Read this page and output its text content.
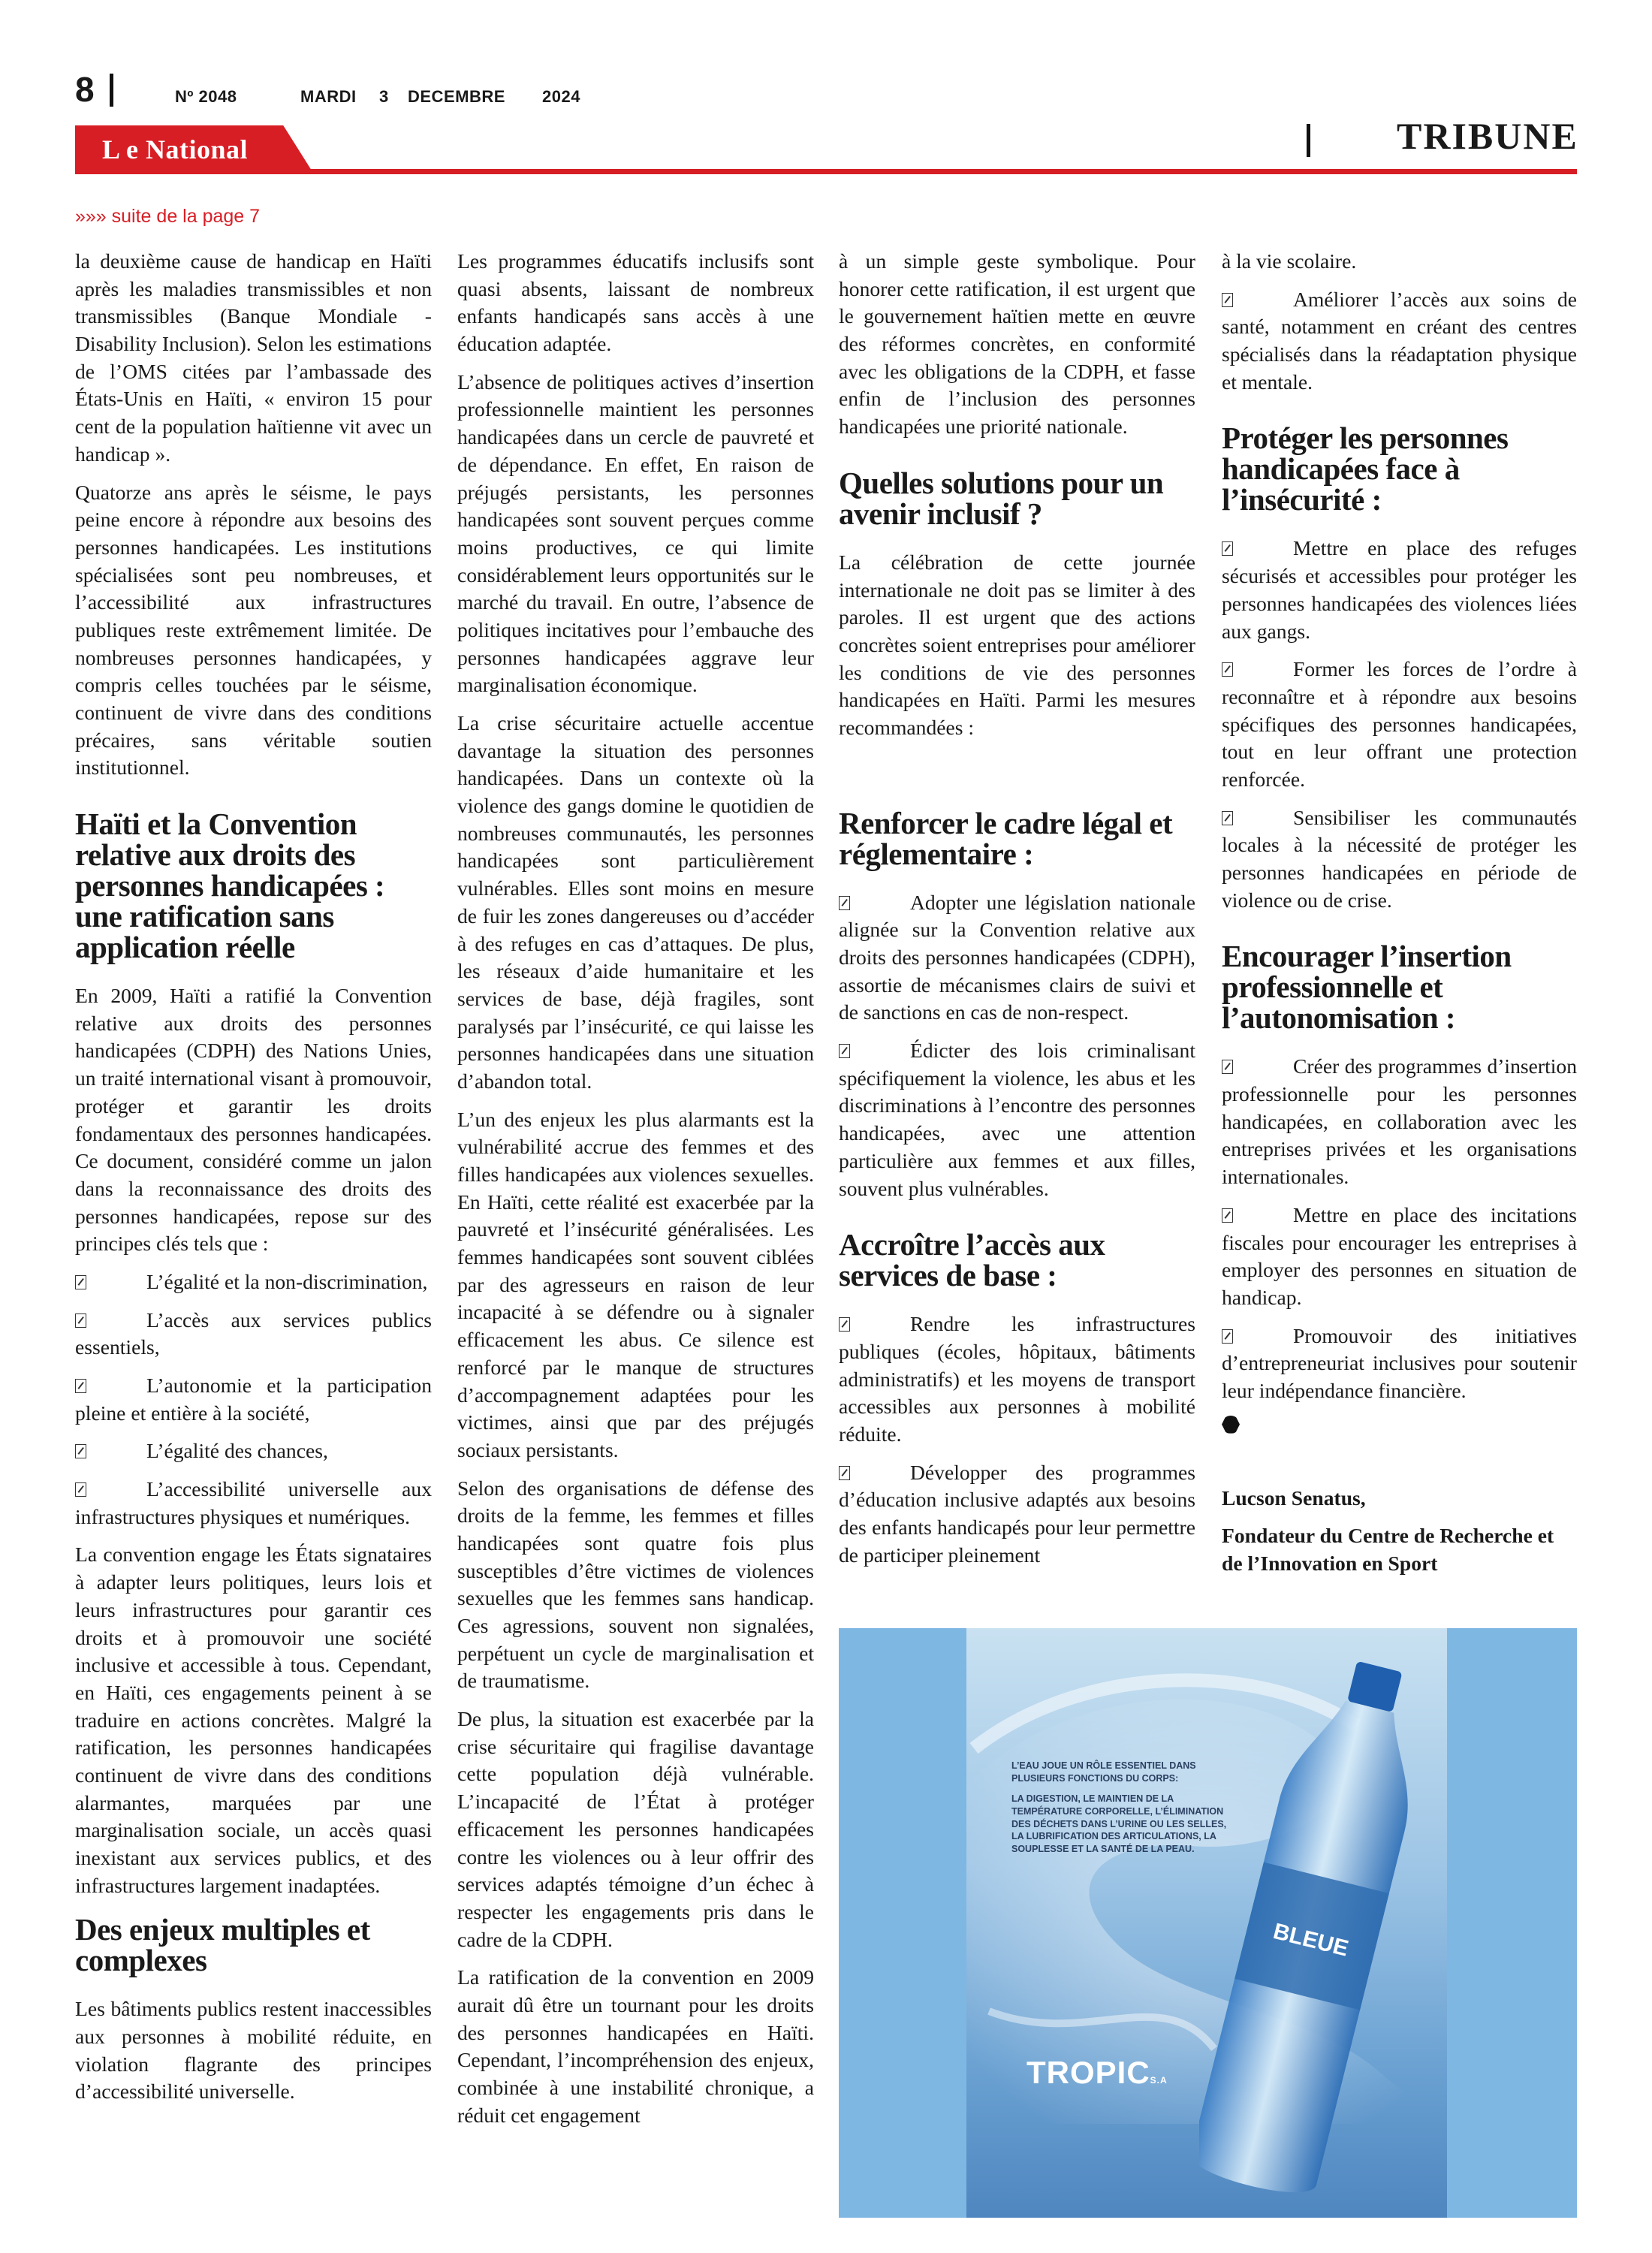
8	Nº 2048	MARDI 3 DECEMBRE 2024
L e National	TRIBUNE
»»» suite de la page 7

la deuxième cause de handicap en Haïti après les maladies transmissibles et non transmissibles (Banque Mondiale - Disability Inclusion). Selon les estimations de l’OMS citées par l’ambassade des États-Unis en Haïti, « environ 15 pour cent de la population haïtienne vit avec un handicap ».

Quatorze ans après le séisme, le pays peine encore à répondre aux besoins des personnes handicapées. Les institutions spécialisées sont peu nombreuses, et l’accessibilité aux infrastructures publiques reste extrêmement limitée. De nombreuses personnes handicapées, y compris celles touchées par le séisme, continuent de vivre dans des conditions précaires, sans véritable soutien institutionnel.

Haïti et la Convention relative aux droits des personnes handicapées : une ratification sans application réelle

En 2009, Haïti a ratifié la Convention relative aux droits des personnes handicapées (CDPH) des Nations Unies, un traité international visant à promouvoir, protéger et garantir les droits fondamentaux des personnes handicapées. Ce document, considéré comme un jalon dans la reconnaissance des droits des personnes handicapées, repose sur des principes clés tels que :

L’égalité et la non-discrimination,

L’accès aux services publics essentiels,

L’autonomie et la participation pleine et entière à la société,

L’égalité des chances,

L’accessibilité universelle aux infrastructures physiques et numériques.

La convention engage les États signataires à adapter leurs politiques, leurs lois et leurs infrastructures pour garantir ces droits et à promouvoir une société inclusive et accessible à tous. Cependant, en Haïti, ces engagements peinent à se traduire en actions concrètes. Malgré la ratification, les personnes handicapées continuent de vivre dans des conditions alarmantes, marquées par une marginalisation sociale, un accès quasi inexistant aux services publics, et des infrastructures largement inadaptées.

Des enjeux multiples et complexes

Les bâtiments publics restent inaccessibles aux personnes à mobilité réduite, en violation flagrante des principes d’accessibilité universelle.

Les programmes éducatifs inclusifs sont quasi absents, laissant de nombreux enfants handicapés sans accès à une éducation adaptée.

L’absence de politiques actives d’insertion professionnelle maintient les personnes handicapées dans un cercle de pauvreté et de dépendance. En effet, En raison de préjugés persistants, les personnes handicapées sont souvent perçues comme moins productives, ce qui limite considérablement leurs opportunités sur le marché du travail. En outre, l’absence de politiques incitatives pour l’embauche des personnes handicapées aggrave leur marginalisation économique.

La crise sécuritaire actuelle accentue davantage la situation des personnes handicapées. Dans un contexte où la violence des gangs domine le quotidien de nombreuses communautés, les personnes handicapées sont particulièrement vulnérables. Elles sont moins en mesure de fuir les zones dangereuses ou d’accéder à des refuges en cas d’attaques. De plus, les réseaux d’aide humanitaire et les services de base, déjà fragiles, sont paralysés par l’insécurité, ce qui laisse les personnes handicapées dans une situation d’abandon total.

L’un des enjeux les plus alarmants est la vulnérabilité accrue des femmes et des filles handicapées aux violences sexuelles. En Haïti, cette réalité est exacerbée par la pauvreté et l’insécurité généralisées. Les femmes handicapées sont souvent ciblées par des agresseurs en raison de leur incapacité à se défendre ou à signaler efficacement les abus. Ce silence est renforcé par le manque de structures d’accompagnement adaptées pour les victimes, ainsi que par des préjugés sociaux persistants.

Selon des organisations de défense des droits de la femme, les femmes et filles handicapées sont quatre fois plus susceptibles d’être victimes de violences sexuelles que les femmes sans handicap. Ces agressions, souvent non signalées, perpétuent un cycle de marginalisation et de traumatisme.

De plus, la situation est exacerbée par la crise sécuritaire qui fragilise davantage cette population déjà vulnérable. L’incapacité de l’État à protéger efficacement les personnes handicapées contre les violences ou à leur offrir des services adaptés témoigne d’un échec à respecter les engagements pris dans le cadre de la CDPH.

La ratification de la convention en 2009 aurait dû être un tournant pour les droits des personnes handicapées en Haïti. Cependant, l’incompréhension des enjeux, combinée à une instabilité chronique, a réduit cet engagement

à un simple geste symbolique. Pour honorer cette ratification, il est urgent que le gouvernement haïtien mette en œuvre des réformes concrètes, en conformité avec les obligations de la CDPH, et fasse enfin de l’inclusion des personnes handicapées une priorité nationale.

Quelles solutions pour un avenir inclusif ?

La célébration de cette journée internationale ne doit pas se limiter à des paroles. Il est urgent que des actions concrètes soient entreprises pour améliorer les conditions de vie des personnes handicapées en Haïti. Parmi les mesures recommandées :

Renforcer le cadre légal et réglementaire :

Adopter une législation nationale alignée sur la Convention relative aux droits des personnes handicapées (CDPH), assortie de mécanismes clairs de suivi et de sanctions en cas de non-respect.

Édicter des lois criminalisant spécifiquement la violence, les abus et les discriminations à l’encontre des personnes handicapées, avec une attention particulière aux femmes et aux filles, souvent plus vulnérables.

Accroître l’accès aux services de base :

Rendre les infrastructures publiques (écoles, hôpitaux, bâtiments administratifs) et les moyens de transport accessibles aux personnes à mobilité réduite.

Développer des programmes d’éducation inclusive adaptés aux besoins des enfants handicapés pour leur permettre de participer pleinement

à la vie scolaire.

Améliorer l’accès aux soins de santé, notamment en créant des centres spécialisés dans la réadaptation physique et mentale.

Protéger les personnes handicapées face à l’insécurité :

Mettre en place des refuges sécurisés et accessibles pour protéger les personnes handicapées des violences liées aux gangs.

Former les forces de l’ordre à reconnaître et à répondre aux besoins spécifiques des personnes handicapées, tout en leur offrant une protection renforcée.

Sensibiliser les communautés locales à la nécessité de protéger les personnes handicapées en période de violence ou de crise.

Encourager l’insertion professionnelle et l’autonomisation :

Créer des programmes d’insertion professionnelle pour les personnes handicapées, en collaboration avec les entreprises privées et les organisations internationales.

Mettre en place des incitations fiscales pour encourager les entreprises à employer des personnes en situation de handicap.

Promouvoir des initiatives d’entrepreneuriat inclusives pour soutenir leur indépendance financière.

Lucson Senatus,

Fondateur du Centre de Recherche et de l’Innovation en Sport

L’EAU JOUE UN RÔLE ESSENTIEL DANS PLUSIEURS FONCTIONS DU CORPS:
LA DIGESTION, LE MAINTIEN DE LA TEMPÉRATURE CORPORELLE, L’ÉLIMINATION DES DÉCHETS DANS L’URINE OU LES SELLES, LA LUBRIFICATION DES ARTICULATIONS, LA SOUPLESSE ET LA SANTÉ DE LA PEAU.
BLEUE
TROPICS.A
